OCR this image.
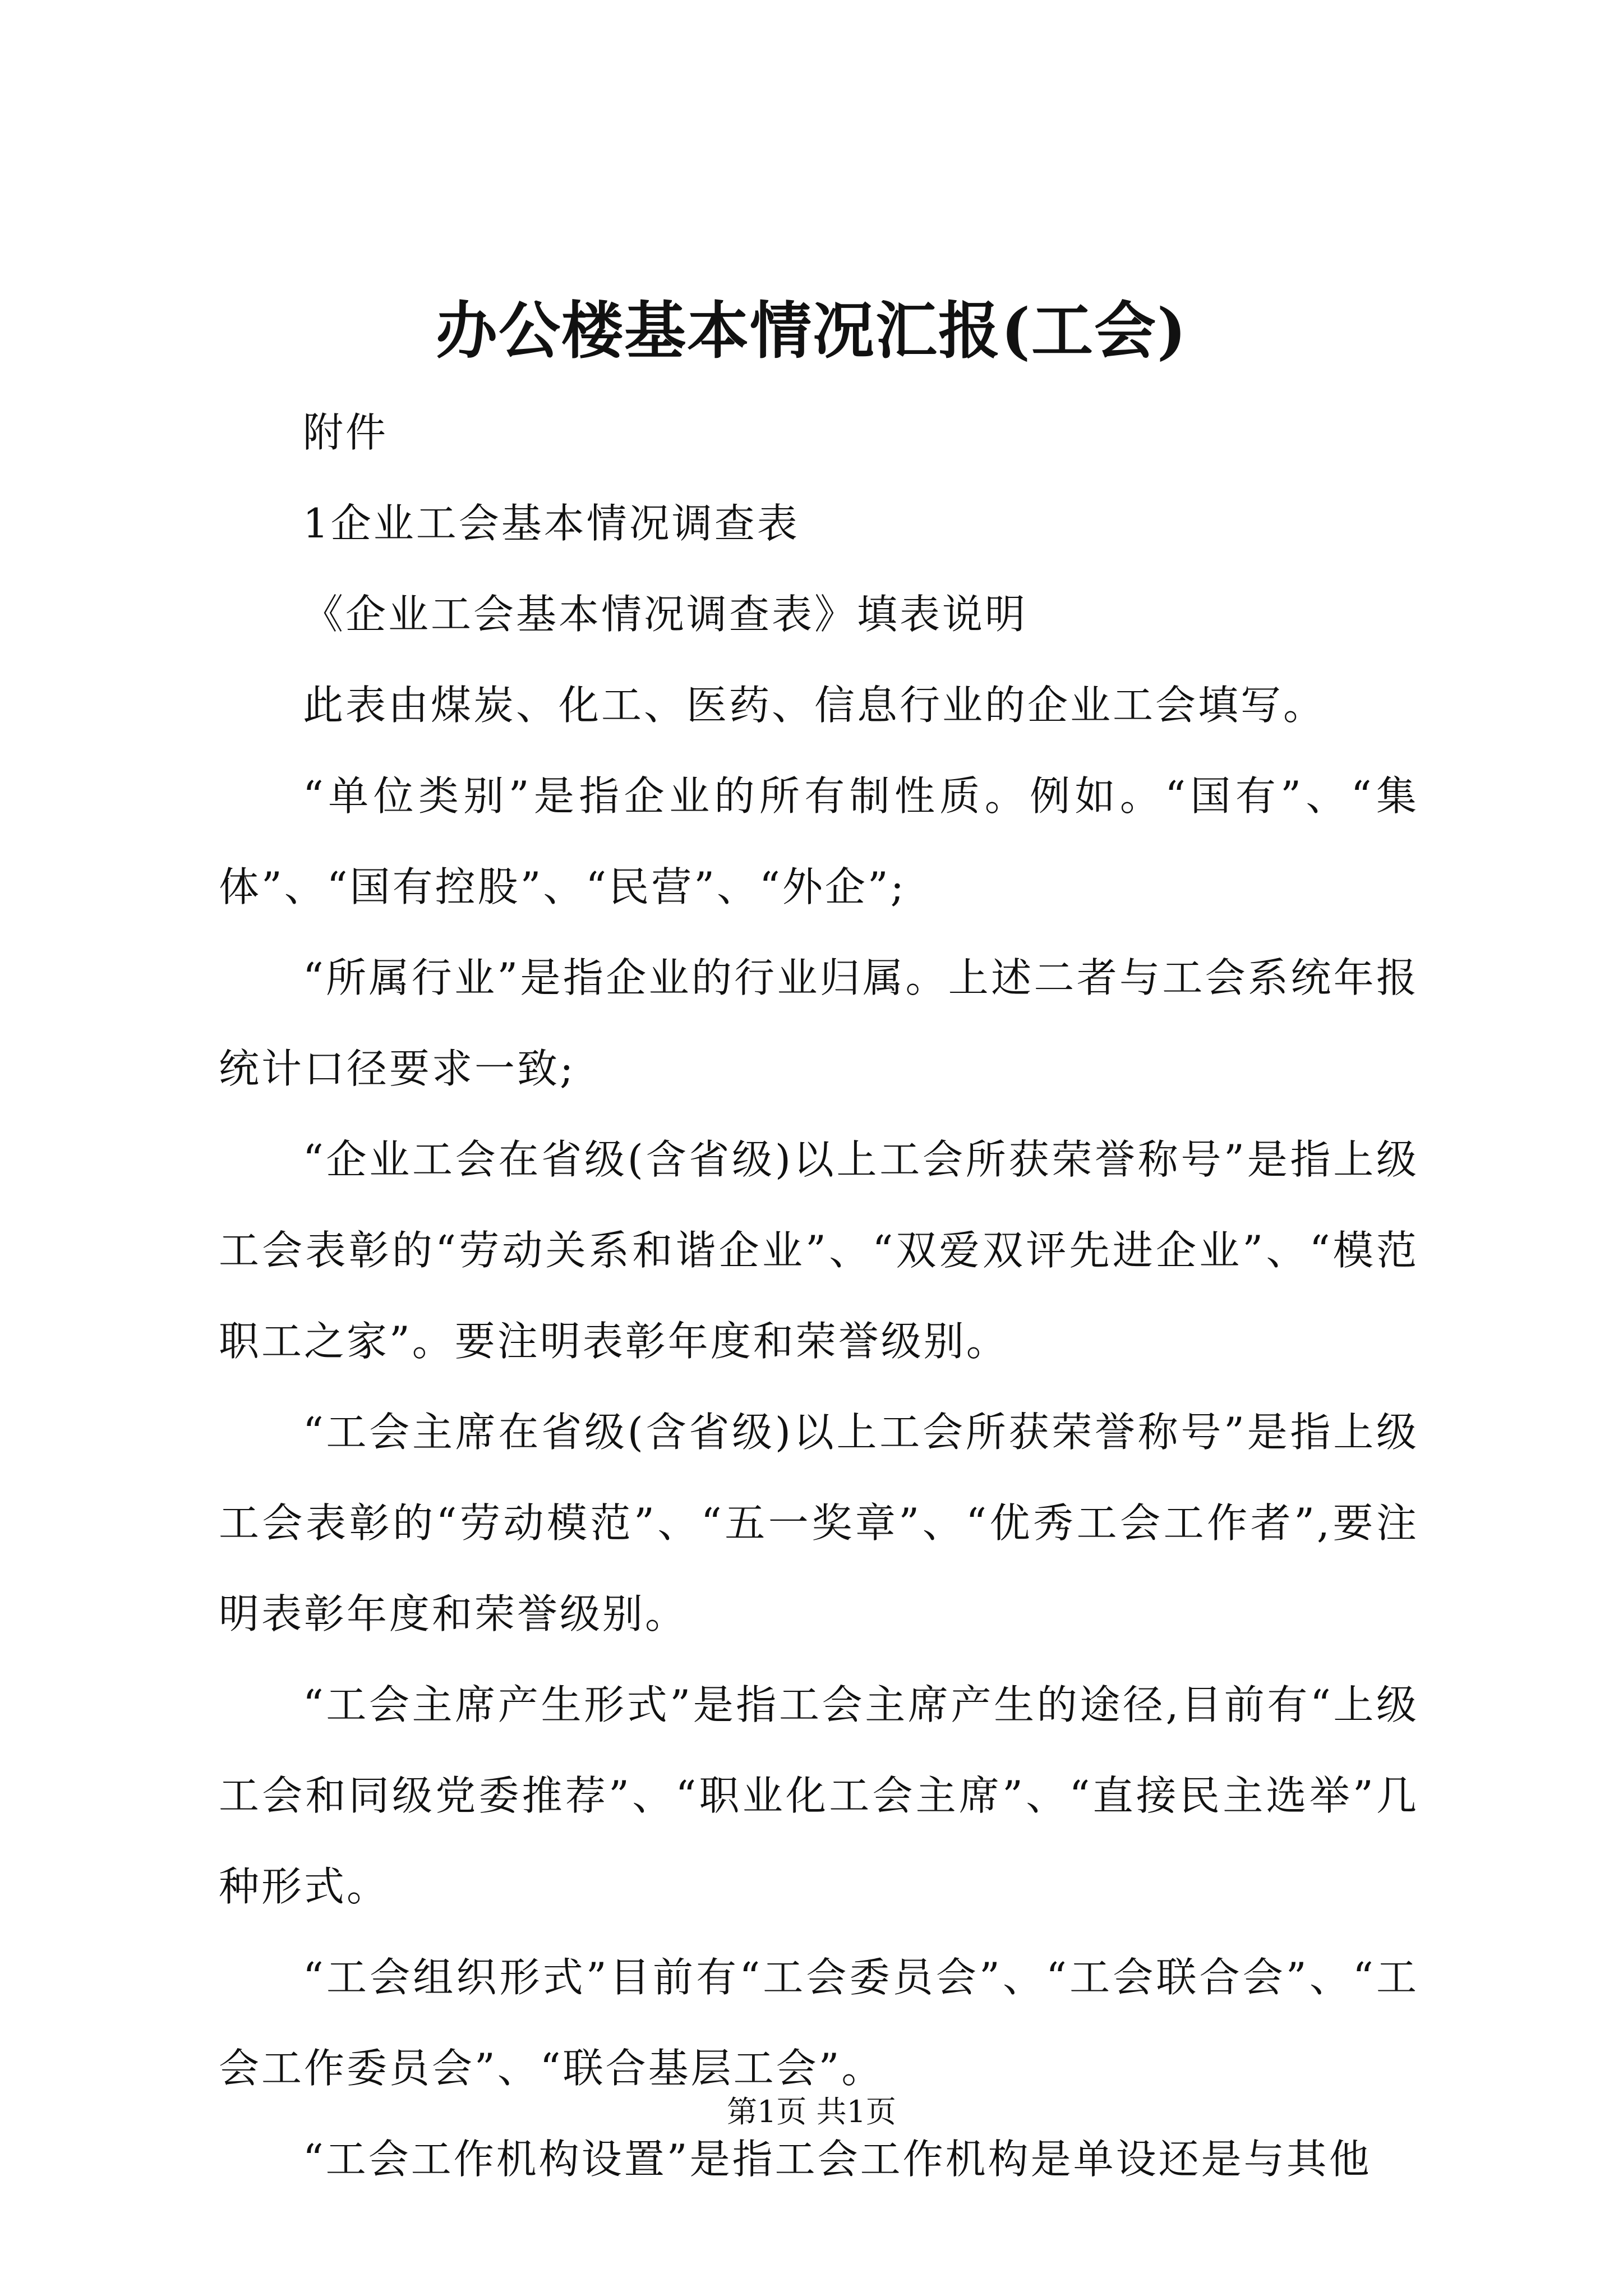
办公楼基本情况汇报(工会)

附件

1企业工会基本情况调查表

《企业工会基本情况调查表》填表说明

此表由煤炭、化工、医药、信息行业的企业工会填写。

“单位类别”是指企业的所有制性质。例如。“国有”、“集体”、“国有控股”、“民营”、“外企”;

“所属行业”是指企业的行业归属。上述二者与工会系统年报统计口径要求一致;

“企业工会在省级(含省级)以上工会所获荣誉称号”是指上级工会表彰的“劳动关系和谐企业”、“双爱双评先进企业”、“模范职工之家”。要注明表彰年度和荣誉级别。

“工会主席在省级(含省级)以上工会所获荣誉称号”是指上级工会表彰的“劳动模范”、“五一奖章”、“优秀工会工作者”,要注明表彰年度和荣誉级别。

“工会主席产生形式”是指工会主席产生的途径,目前有“上级工会和同级党委推荐”、“职业化工会主席”、“直接民主选举”几种形式。

“工会组织形式”目前有“工会委员会”、“工会联合会”、“工会工作委员会”、“联合基层工会”。

“工会工作机构设置”是指工会工作机构是单设还是与其他

第1页 共1页
